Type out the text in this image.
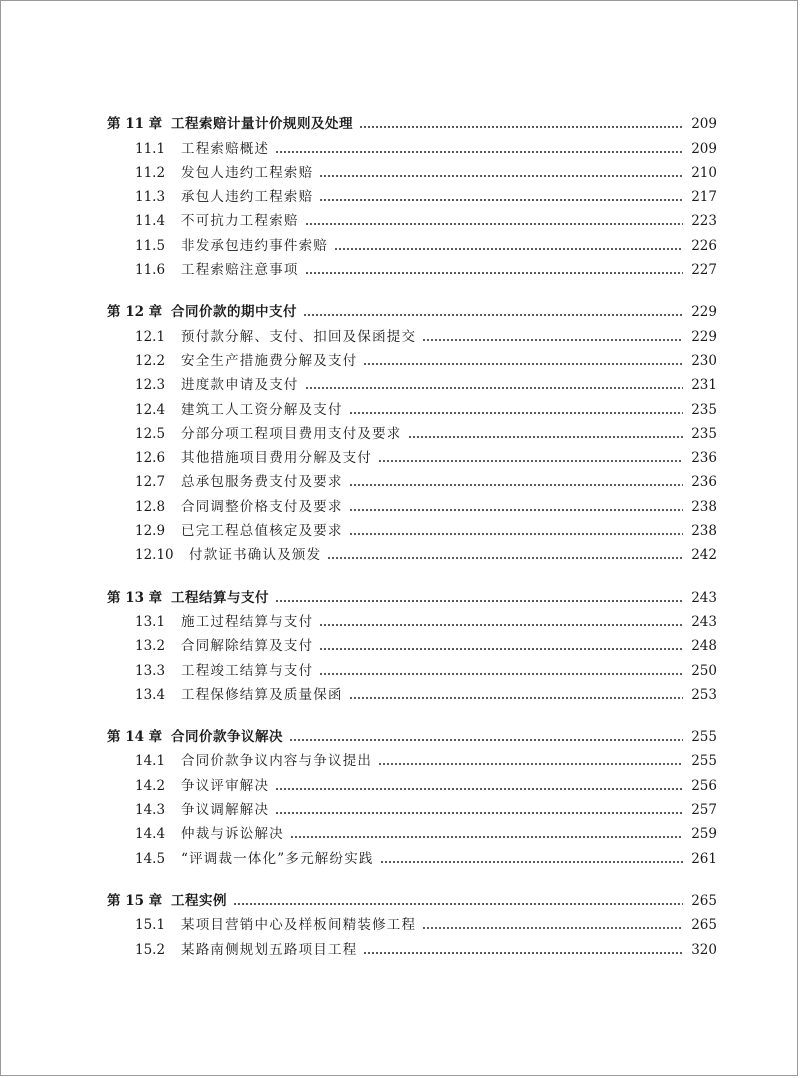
第 11 章 工程索赔计量计价规则及处理	209
11.1	工程索赔概述	209
11.2	发包人违约工程索赔	210
11.3	承包人违约工程索赔	217
11.4	不可抗力工程索赔	223
11.5	非发承包违约事件索赔	226
11.6	工程索赔注意事项	227
第 12 章 合同价款的期中支付	229
12.1	预付款分解、支付、扣回及保函提交	229
12.2	安全生产措施费分解及支付	230
12.3	进度款申请及支付	231
12.4	建筑工人工资分解及支付	235
12.5	分部分项工程项目费用支付及要求	235
12.6	其他措施项目费用分解及支付	236
12.7	总承包服务费支付及要求	236
12.8	合同调整价格支付及要求	238
12.9	已完工程总值核定及要求	238
12.10	付款证书确认及颁发	242
第 13 章 工程结算与支付	243
13.1	施工过程结算与支付	243
13.2	合同解除结算及支付	248
13.3	工程竣工结算与支付	250
13.4	工程保修结算及质量保函	253
第 14 章 合同价款争议解决	255
14.1	合同价款争议内容与争议提出	255
14.2	争议评审解决	256
14.3	争议调解解决	257
14.4	仲裁与诉讼解决	259
14.5	“评调裁一体化”多元解纷实践	261
第 15 章 工程实例	265
15.1	某项目营销中心及样板间精装修工程	265
15.2	某路南侧规划五路项目工程	320
